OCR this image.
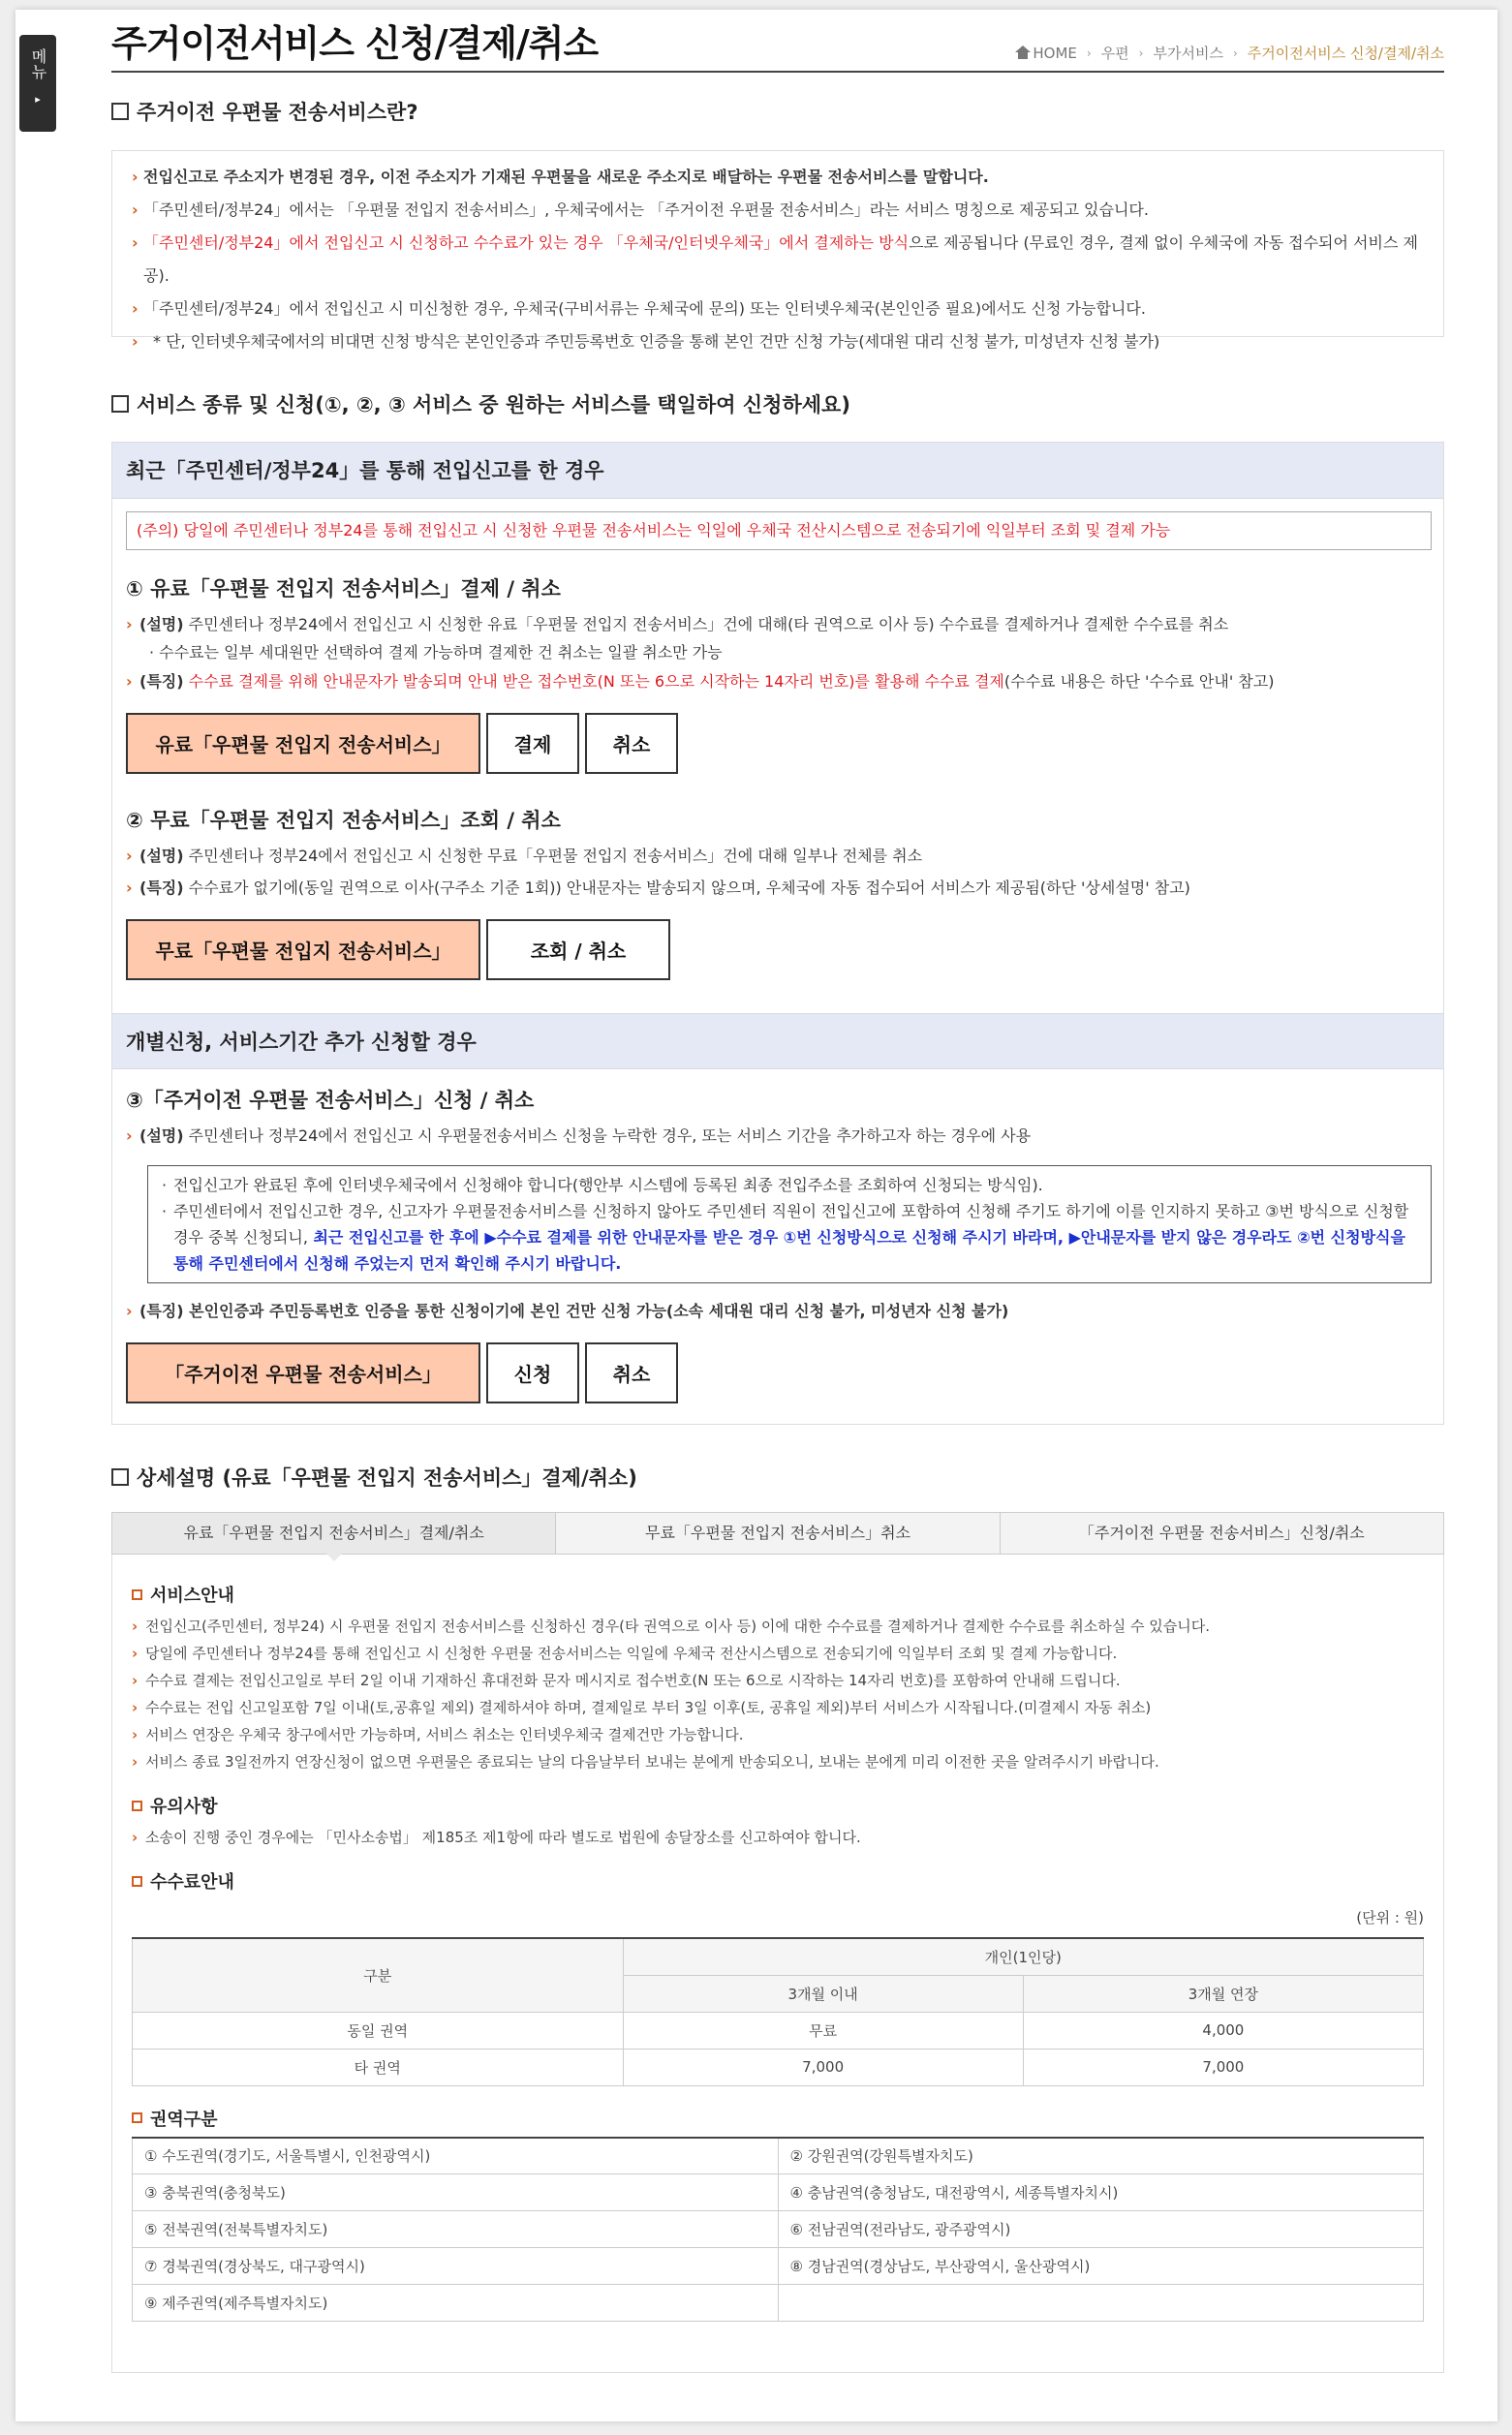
메뉴
▸
주거이전서비스 신청/결제/취소	HOME › 우편 › 부가서비스 › 주거이전서비스 신청/결제/취소
주거이전 우편물 전송서비스란?

› 전입신고로 주소지가 변경된 경우, 이전 주소지가 기재된 우편물을 새로운 주소지로 배달하는 우편물 전송서비스를 말합니다.

› 「주민센터/정부24」에서는 「우편물 전입지 전송서비스」, 우체국에서는 「주거이전 우편물 전송서비스」라는 서비스 명칭으로 제공되고 있습니다.

› 「주민센터/정부24」에서 전입신고 시 신청하고 수수료가 있는 경우 「우체국/인터넷우체국」에서 결제하는 방식으로 제공됩니다 (무료인 경우, 결제 없이 우체국에 자동 접수되어 서비스 제공).

› 「주민센터/정부24」에서 전입신고 시 미신청한 경우, 우체국(구비서류는 우체국에 문의) 또는 인터넷우체국(본인인증 필요)에서도 신청 가능합니다.

› * 단, 인터넷우체국에서의 비대면 신청 방식은 본인인증과 주민등록번호 인증을 통해 본인 건만 신청 가능(세대원 대리 신청 불가, 미성년자 신청 불가)

서비스 종류 및 신청(①, ②, ③ 서비스 중 원하는 서비스를 택일하여 신청하세요)
최근「주민센터/정부24」를 통해 전입신고를 한 경우
(주의) 당일에 주민센터나 정부24를 통해 전입신고 시 신청한 우편물 전송서비스는 익일에 우체국 전산시스템으로 전송되기에 익일부터 조회 및 결제 가능
① 유료「우편물 전입지 전송서비스」결제 / 취소

› (설명) 주민센터나 정부24에서 전입신고 시 신청한 유료「우편물 전입지 전송서비스」건에 대해(타 권역으로 이사 등) 수수료를 결제하거나 결제한 수수료를 취소

· 수수료는 일부 세대원만 선택하여 결제 가능하며 결제한 건 취소는 일괄 취소만 가능

› (특징) 수수료 결제를 위해 안내문자가 발송되며 안내 받은 접수번호(N 또는 6으로 시작하는 14자리 번호)를 활용해 수수료 결제(수수료 내용은 하단 '수수료 안내' 참고)

유료「우편물 전입지 전송서비스」	결제	취소
② 무료「우편물 전입지 전송서비스」조회 / 취소

› (설명) 주민센터나 정부24에서 전입신고 시 신청한 무료「우편물 전입지 전송서비스」건에 대해 일부나 전체를 취소

› (특징) 수수료가 없기에(동일 권역으로 이사(구주소 기준 1회)) 안내문자는 발송되지 않으며, 우체국에 자동 접수되어 서비스가 제공됨(하단 '상세설명' 참고)

무료「우편물 전입지 전송서비스」	조회 / 취소
개별신청, 서비스기간 추가 신청할 경우
③「주거이전 우편물 전송서비스」신청 / 취소

› (설명) 주민센터나 정부24에서 전입신고 시 우편물전송서비스 신청을 누락한 경우, 또는 서비스 기간을 추가하고자 하는 경우에 사용

· 전입신고가 완료된 후에 인터넷우체국에서 신청해야 합니다(행안부 시스템에 등록된 최종 전입주소를 조회하여 신청되는 방식임).

· 주민센터에서 전입신고한 경우, 신고자가 우편물전송서비스를 신청하지 않아도 주민센터 직원이 전입신고에 포함하여 신청해 주기도 하기에 이를 인지하지 못하고 ③번 방식으로 신청할 경우 중복 신청되니, 최근 전입신고를 한 후에 ▶수수료 결제를 위한 안내문자를 받은 경우 ①번 신청방식으로 신청해 주시기 바라며, ▶안내문자를 받지 않은 경우라도 ②번 신청방식을 통해 주민센터에서 신청해 주었는지 먼저 확인해 주시기 바랍니다.

› (특징) 본인인증과 주민등록번호 인증을 통한 신청이기에 본인 건만 신청 가능(소속 세대원 대리 신청 불가, 미성년자 신청 불가)

「주거이전 우편물 전송서비스」	신청	취소
상세설명 (유료「우편물 전입지 전송서비스」결제/취소)
유료「우편물 전입지 전송서비스」결제/취소	무료「우편물 전입지 전송서비스」취소	「주거이전 우편물 전송서비스」신청/취소
서비스안내
› 전입신고(주민센터, 정부24) 시 우편물 전입지 전송서비스를 신청하신 경우(타 권역으로 이사 등) 이에 대한 수수료를 결제하거나 결제한 수수료를 취소하실 수 있습니다.
› 당일에 주민센터나 정부24를 통해 전입신고 시 신청한 우편물 전송서비스는 익일에 우체국 전산시스템으로 전송되기에 익일부터 조회 및 결제 가능합니다.
› 수수료 결제는 전입신고일로 부터 2일 이내 기재하신 휴대전화 문자 메시지로 접수번호(N 또는 6으로 시작하는 14자리 번호)를 포함하여 안내해 드립니다.
› 수수료는 전입 신고일포함 7일 이내(토,공휴일 제외) 결제하셔야 하며, 결제일로 부터 3일 이후(토, 공휴일 제외)부터 서비스가 시작됩니다.(미결제시 자동 취소)
› 서비스 연장은 우체국 창구에서만 가능하며, 서비스 취소는 인터넷우체국 결제건만 가능합니다.
› 서비스 종료 3일전까지 연장신청이 없으면 우편물은 종료되는 날의 다음날부터 보내는 분에게 반송되오니, 보내는 분에게 미리 이전한 곳을 알려주시기 바랍니다.
유의사항
› 소송이 진행 중인 경우에는 「민사소송법」 제185조 제1항에 따라 별도로 법원에 송달장소를 신고하여야 합니다.
수수료안내
(단위 : 원)
구분	개인(1인당)	
	3개월 이내	3개월 연장
동일 권역	무료	4,000
타 권역	7,000	7,000
권역구분
① 수도권역(경기도, 서울특별시, 인천광역시)	② 강원권역(강원특별자치도)
③ 충북권역(충청북도)	④ 충남권역(충청남도, 대전광역시, 세종특별자치시)
⑤ 전북권역(전북특별자치도)	⑥ 전남권역(전라남도, 광주광역시)
⑦ 경북권역(경상북도, 대구광역시)	⑧ 경남권역(경상남도, 부산광역시, 울산광역시)
⑨ 제주권역(제주특별자치도)	
